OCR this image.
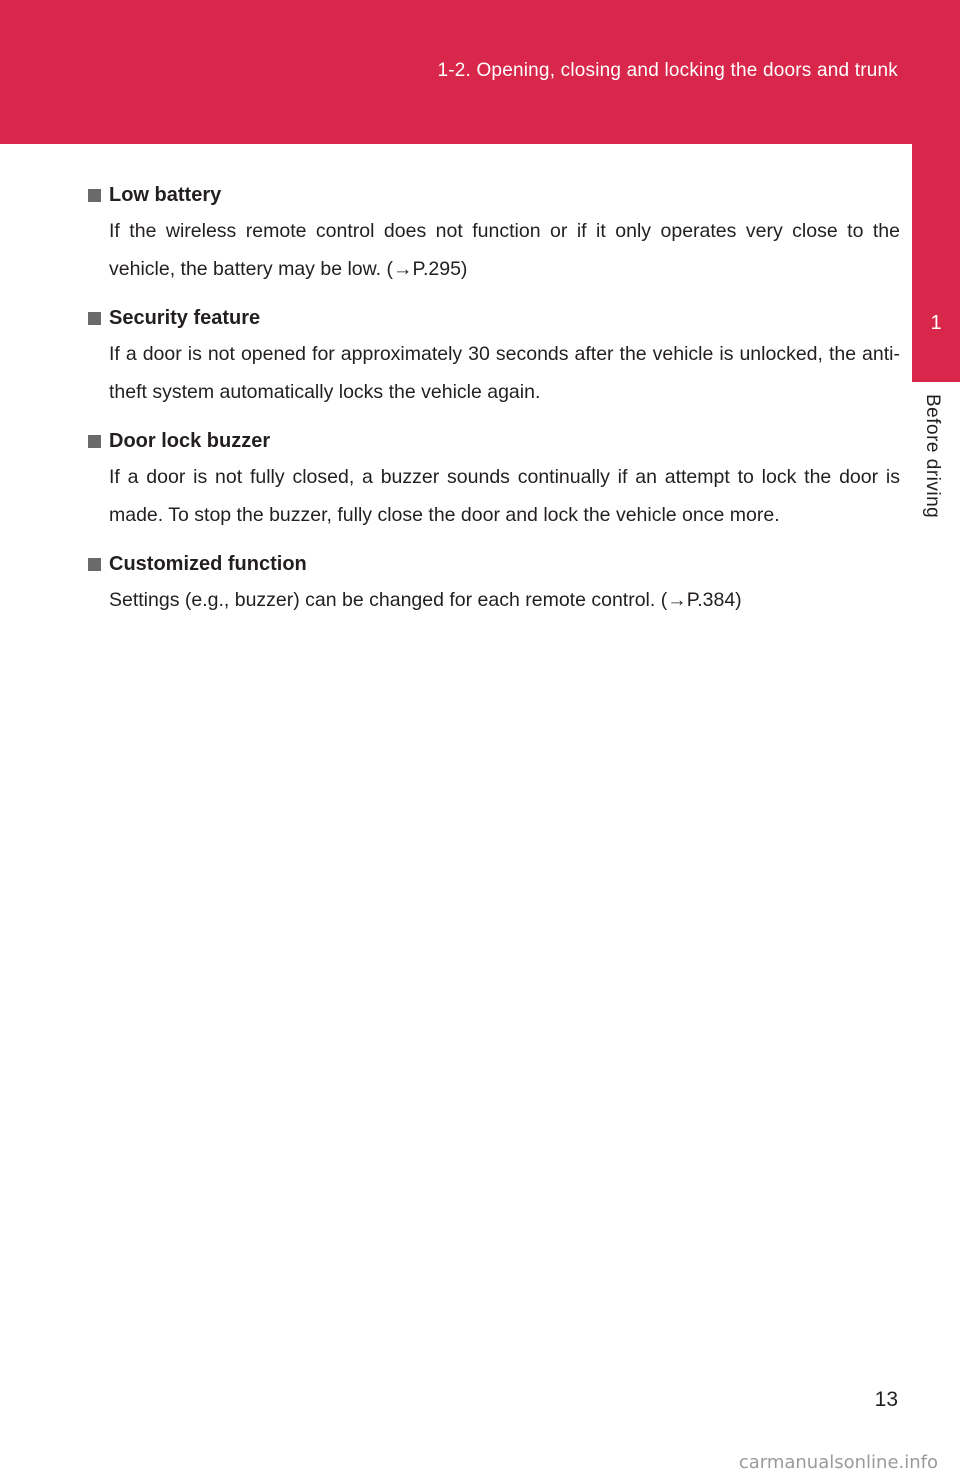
1-2. Opening, closing and locking the doors and trunk
1
Before driving
Low battery
If the wireless remote control does not function or if it only operates very close to the vehicle, the battery may be low. (→P.295)
Security feature
If a door is not opened for approximately 30 seconds after the vehicle is unlocked, the anti-theft system automatically locks the vehicle again.
Door lock buzzer
If a door is not fully closed, a buzzer sounds continually if an attempt to lock the door is made. To stop the buzzer, fully close the door and lock the vehicle once more.
Customized function
Settings (e.g., buzzer) can be changed for each remote control. (→P.384)
13
carmanualsonline.info
